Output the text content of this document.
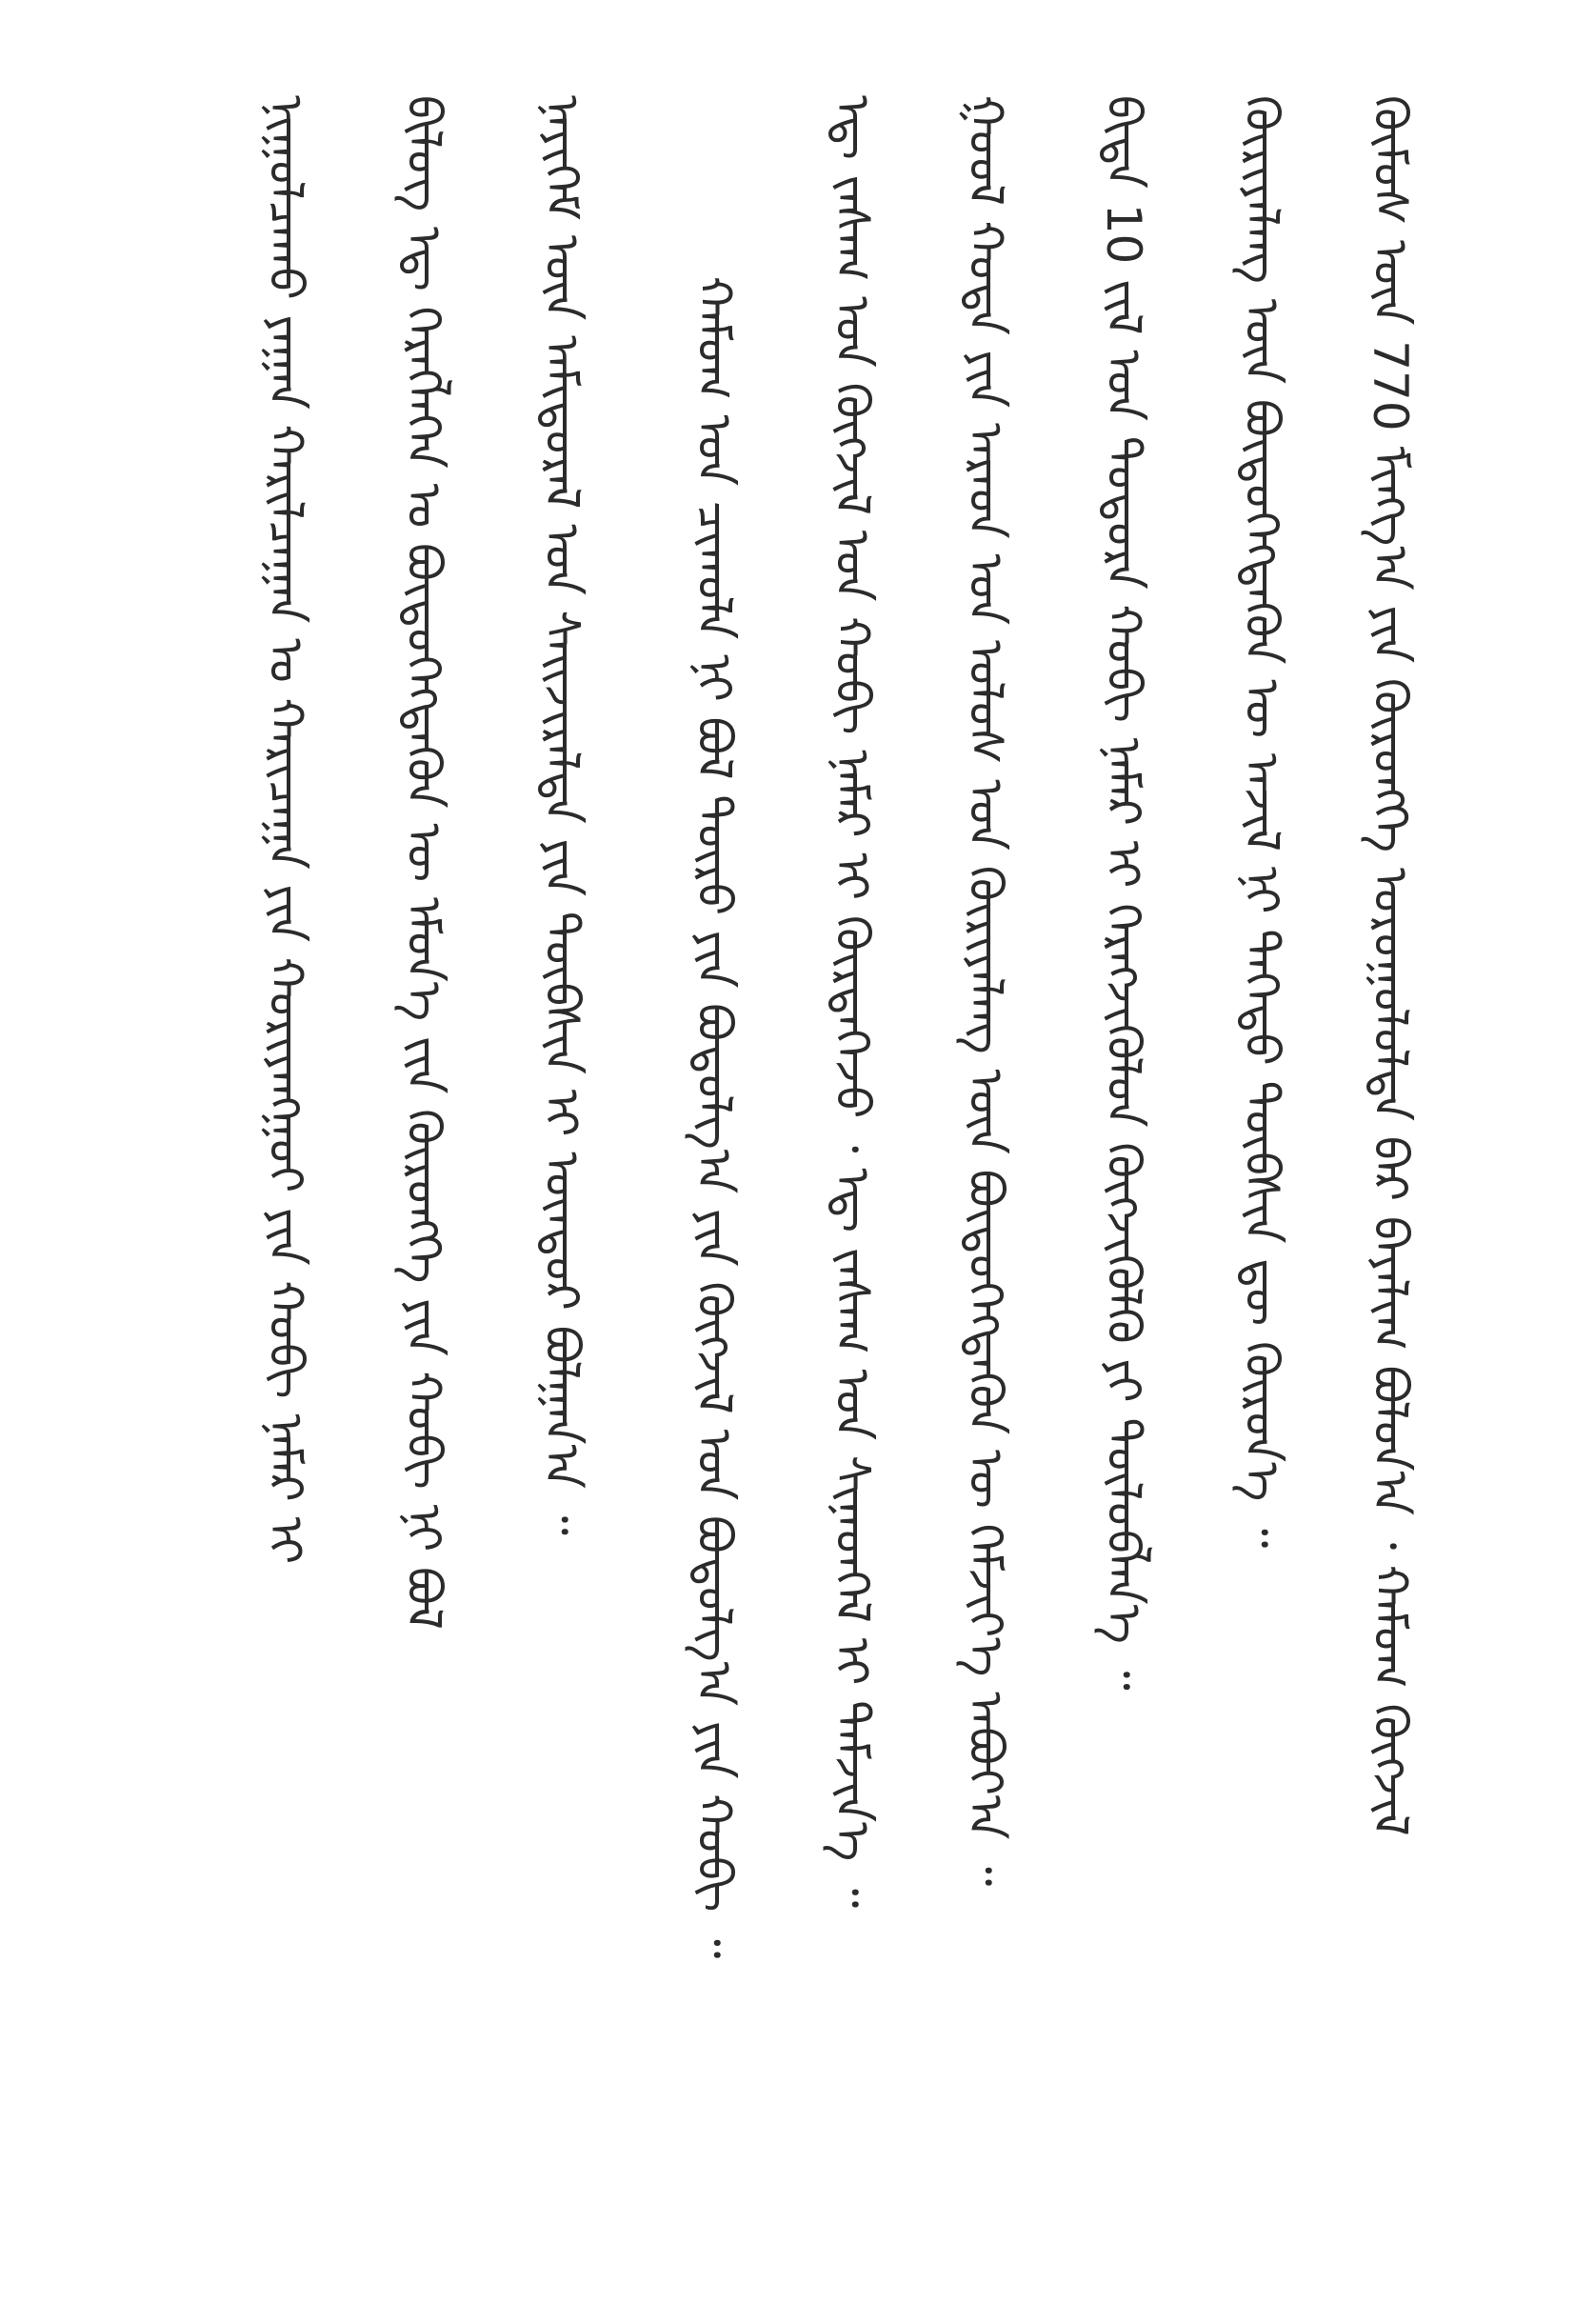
ᠨᠢᠭᠤᠯᠴᠠᠬᠤ ᠶᠠᠭᠠᠨ ᠬᠠᠷᠢᠯᠴᠠᠭᠠᠨ ᠤ ᠬᠠᠷᠢᠴᠠᠭᠠ ᠶᠢᠨ ᠬᠤᠷᠢᠶᠠᠩᠭᠤᠢ ᠶᠢᠨ ᠬᠤᠪᠢ ᠨᠡᠮᠡᠷ ᠢ	ᠪᠢᠯᠦᠭ ᠡᠳ᠋ ᠬᠡᠷᠡᠭᠯᠡᠭᠡᠨ ᠤ ᠪᠦᠲᠦᠭᠡᠭᠳᠡᠬᠦᠨ ᠦ ᠡᠮᠦᠨ᠎ᠡ ᠵᠢᠨ ᠬᠦᠷᠦᠩᠭᠡ ᠶᠢᠨ ᠬᠤᠪᠢ ᠨᠢ ᠪᠣᠯ	ᠨᠡᠶᠢᠭᠡᠮ ᠦᠨ ᠠᠮᠢᠳᠤᠷᠠᠯ ᠤᠨ ᠰᠠᠢᠵᠢᠷᠠᠯᠲᠠ ᠶᠢᠨ ᠲᠦᠪᠰᠢᠨ ᠢ ᠥᠨᠳᠦᠷ ᠪᠣᠯᠭᠠᠨ᠎ᠠ ᠃	ᠬᠠᠮᠤᠭ ᠤᠨ ᠴᠢᠬᠤᠯᠠ ᠨᠢ ᠪᠣᠯ ᠲᠥᠷᠦ ᠶᠢᠨ ᠪᠣᠳᠤᠯᠭ᠎ᠠ ᠶᠢᠨ ᠬᠥᠭᠵᠢᠯ ᠤᠨ ᠪᠣᠳᠤᠯᠭ᠎ᠠ ᠶᠢᠨ ᠬᠤᠪᠢ ᠃	ᠡᠳ᠋ ᠵᠠᠰᠠᠭ ᠤᠨ ᠬᠥᠭᠵᠢᠯ ᠤᠨ ᠬᠤᠪᠢ ᠨᠡᠮᠡᠷ ᠢ ᠬᠦᠷᠲᠡᠭᠡᠵᠦ ᠂ ᠡᠳ᠋ ᠵᠠᠰᠠᠭ ᠤᠨ ᠰᠢᠨᠡᠳᠬᠡᠯ ᠢ ᠳᠡᠮᠵᠢᠨ᠎ᠡ ᠃	ᠭᠣᠣᠯ ᠬᠣᠲᠠ ᠶᠢᠨ ᠠᠷᠠᠳ ᠤᠨ ᠤᠯᠤᠰ ᠤᠨ ᠬᠦᠷᠢᠶᠡᠯᠡᠩ ᠦᠨ ᠪᠦᠲᠦᠭᠡᠭᠳᠡᠬᠦᠨ ᠦ ᠬᠡᠮᠵᠢᠶ᠎ᠡ ᠠᠪᠤᠶ᠎ᠠ ᠃	ᠪᠢᠳᠡ 10 ᠵᠢᠯ ᠤᠨ ᠳᠣᠲᠣᠷᠠ ᠬᠤᠪᠢ ᠨᠡᠮᠡᠷ ᠢ ᠬᠡᠷᠡᠭᠵᠢᠭᠦᠯᠦᠨ ᠬᠥᠭᠵᠢᠭᠦᠯᠬᠦ ᠶᠢ ᠲᠥᠯᠦᠪᠯᠡᠨ᠎ᠡ ᠃	ᠬᠦᠷᠢᠶᠡᠯᠡᠩ ᠦᠨ ᠪᠦᠲᠦᠭᠡᠭᠳᠡᠬᠦᠨ ᠦ ᠠᠵᠢᠯ ᠨᠢ ᠳᠡᠭᠡᠳᠦ ᠲᠦᠪᠰᠢᠨ ᠳᠦ ᠬᠦᠷᠦᠨ᠎ᠡ ᠃	ᠬᠦᠮᠦᠰ ᠦᠨ 770 ᠮᠢᠩᠭ᠎ᠠ ᠶᠢᠨ ᠬᠥᠷᠥᠩᠭᠡ ᠣᠷᠣᠭᠤᠯᠤᠯᠲᠠ ᠪᠠᠷ ᠪᠠᠶᠠᠯᠢᠭ ᠪᠣᠯᠤᠨ᠎ᠠ ᠂ ᠬᠠᠮᠤᠭ ᠬᠥᠭᠵᠢᠯ
